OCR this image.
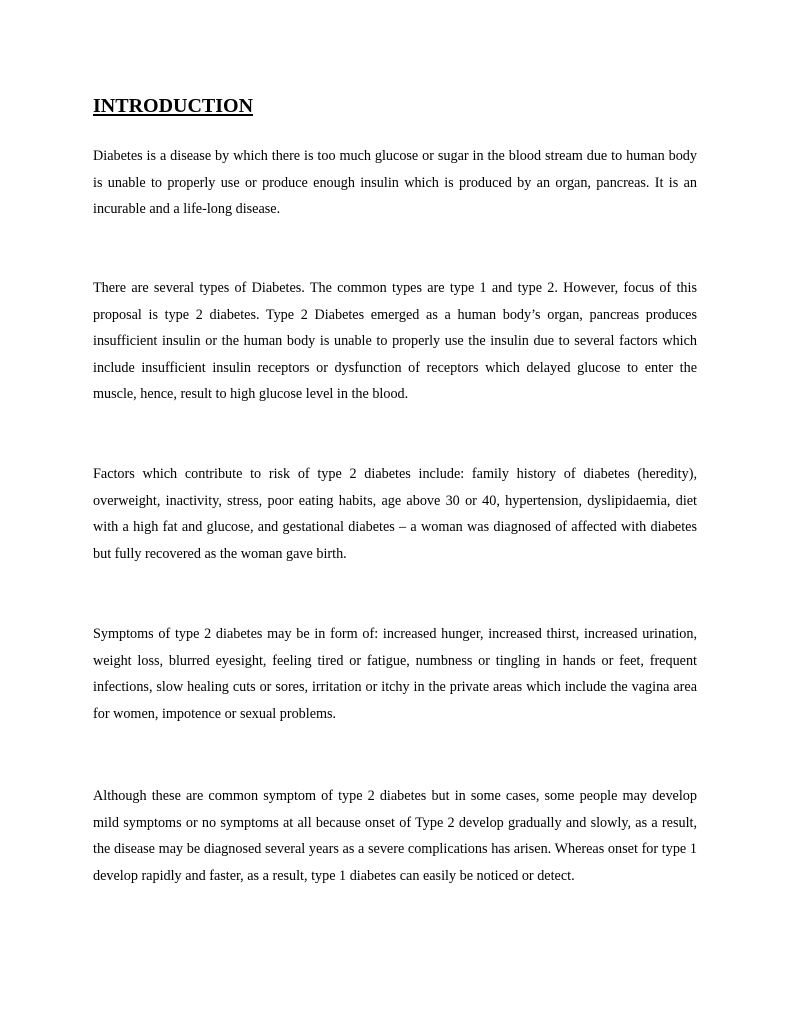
INTRODUCTION

Diabetes is a disease by which there is too much glucose or sugar in the blood stream due to human body is unable to properly use or produce enough insulin which is produced by an organ, pancreas. It is an incurable and a life-long disease.

There are several types of Diabetes. The common types are type 1 and type 2. However, focus of this proposal is type 2 diabetes. Type 2 Diabetes emerged as a human body’s organ, pancreas produces insufficient insulin or the human body is unable to properly use the insulin due to several factors which include insufficient insulin receptors or dysfunction of receptors which delayed glucose to enter the muscle, hence, result to high glucose level in the blood.

Factors which contribute to risk of type 2 diabetes include: family history of diabetes (heredity), overweight, inactivity, stress, poor eating habits, age above 30 or 40, hypertension, dyslipidaemia, diet with a high fat and glucose, and gestational diabetes – a woman was diagnosed of affected with diabetes but fully recovered as the woman gave birth.

Symptoms of type 2 diabetes may be in form of: increased hunger, increased thirst, increased urination, weight loss, blurred eyesight, feeling tired or fatigue, numbness or tingling in hands or feet, frequent infections, slow healing cuts or sores, irritation or itchy in the private areas which include the vagina area for women, impotence or sexual problems.

Although these are common symptom of type 2 diabetes but in some cases, some people may develop mild symptoms or no symptoms at all because onset of Type 2 develop gradually and slowly, as a result, the disease may be diagnosed several years as a severe complications has arisen. Whereas onset for type 1 develop rapidly and faster, as a result, type 1 diabetes can easily be noticed or detect.
